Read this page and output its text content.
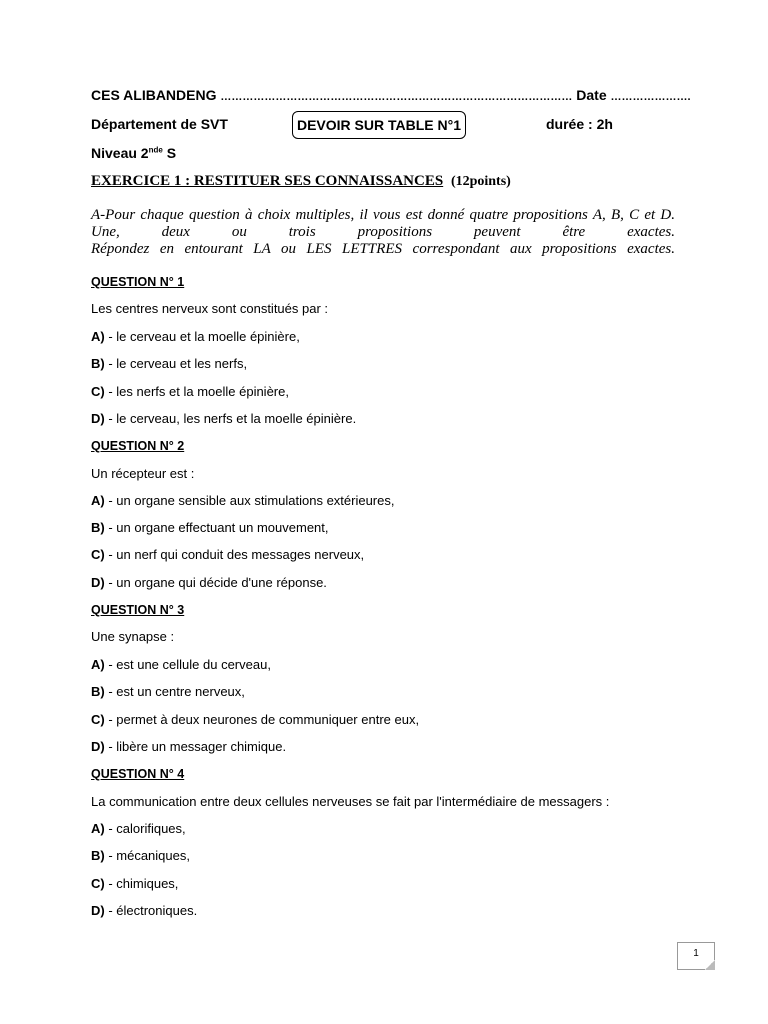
CES ALIBANDENG …………………………………………………………………………………… Date ………………….
Département de SVT	DEVOIR SUR TABLE N°1	durée : 2h
Niveau 2nde S
EXERCICE 1 : RESTITUER SES CONNAISSANCES (12points)
A-Pour chaque question à choix multiples, il vous est donné quatre propositions A, B, C et D.
Une, deux ou trois propositions peuvent être exactes.
Répondez en entourant LA ou LES LETTRES correspondant aux propositions exactes.
QUESTION N° 1
Les centres nerveux sont constitués par :
A) - le cerveau et la moelle épinière,
B) - le cerveau et les nerfs,
C) - les nerfs et la moelle épinière,
D) - le cerveau, les nerfs et la moelle épinière.
QUESTION N° 2
Un récepteur est :
A) - un organe sensible aux stimulations extérieures,
B) - un organe effectuant un mouvement,
C) - un nerf qui conduit des messages nerveux,
D) - un organe qui décide d'une réponse.
QUESTION N° 3
Une synapse :
A) - est une cellule du cerveau,
B) - est un centre nerveux,
C) - permet à deux neurones de communiquer entre eux,
D) - libère un messager chimique.
QUESTION N° 4
La communication entre deux cellules nerveuses se fait par l'intermédiaire de messagers :
A) - calorifiques,
B) - mécaniques,
C) - chimiques,
D) - électroniques.
1
